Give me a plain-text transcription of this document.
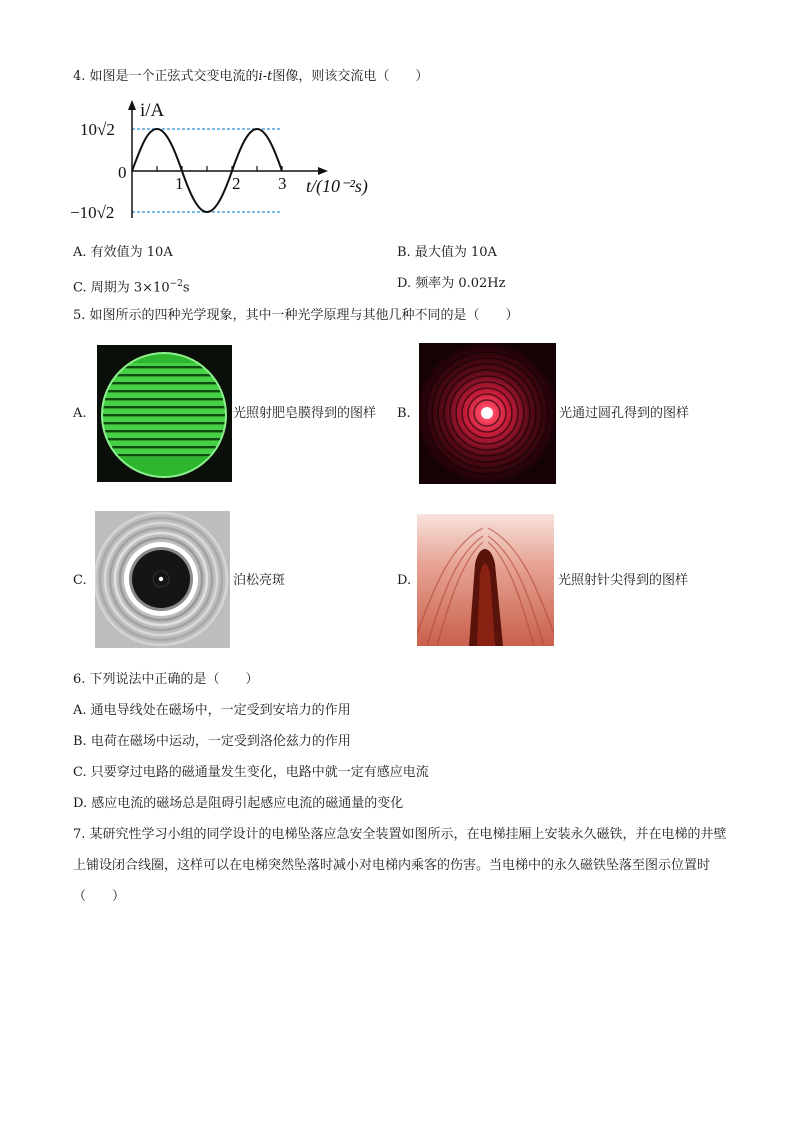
4. 如图是一个正弦式交变电流的i-t图像，则该交流电（　　）
i/A
10√2
−10√2
0
1	2 3 t/(10⁻²s)
A. 有效值为 10A	B. 最大值为 10A
C. 周期为 $3\times 10^{-2}s$	D. 频率为 0.02Hz
5. 如图所示的四种光学现象，其中一种光学原理与其他几种不同的是（　　）
A.	光照射肥皂膜得到的图样 B.	光通过圆孔得到的图样
C.	泊松亮斑	D.	光照射针尖得到的图样
6. 下列说法中正确的是（　　）
A. 通电导线处在磁场中，一定受到安培力的作用
B. 电荷在磁场中运动，一定受到洛伦兹力的作用
C. 只要穿过电路的磁通量发生变化，电路中就一定有感应电流
D. 感应电流的磁场总是阻碍引起感应电流的磁通量的变化
7. 某研究性学习小组的同学设计的电梯坠落应急安全装置如图所示，在电梯挂厢上安装永久磁铁，并在电梯的井壁上铺设闭合线圈，这样可以在电梯突然坠落时减小对电梯内乘客的伤害。当电梯中的永久磁铁坠落至图示位置时（　　）
